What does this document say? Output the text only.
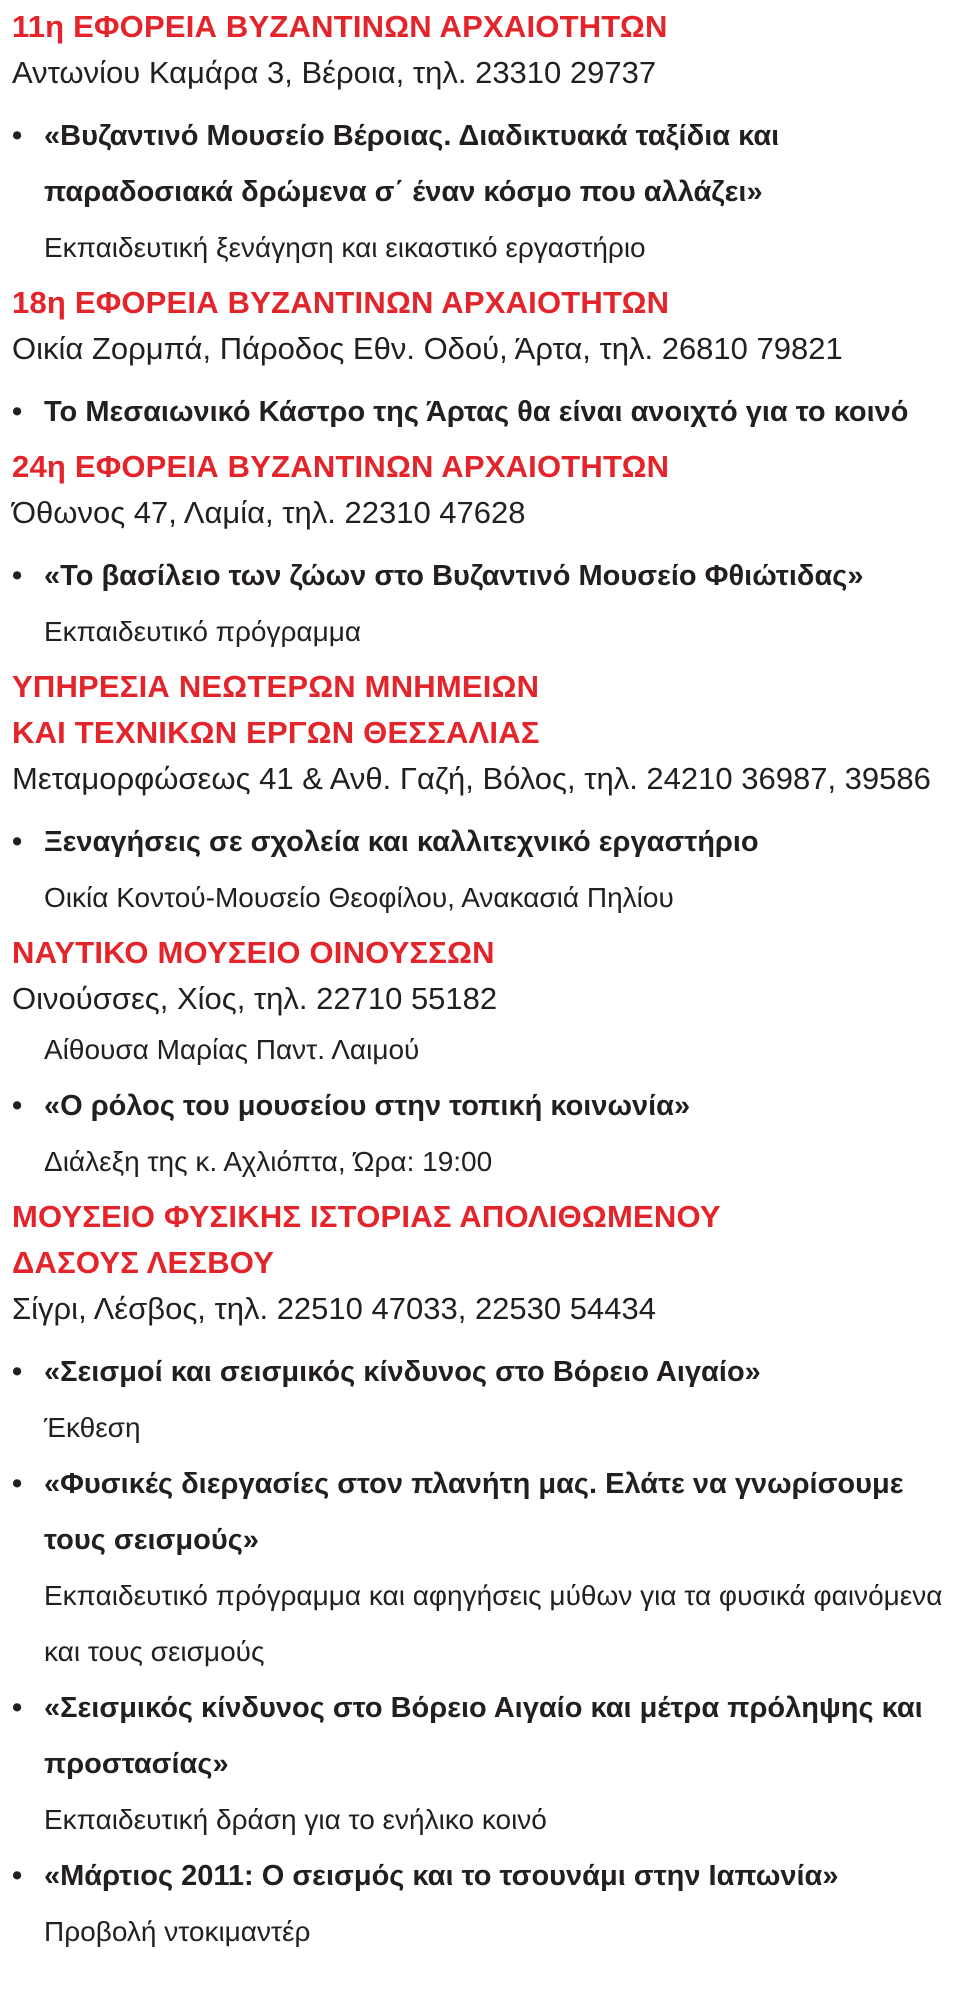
11η ΕΦΟΡΕΙΑ ΒΥΖΑΝΤΙΝΩΝ ΑΡΧΑΙΟΤΗΤΩΝ

Αντωνίου Καμάρα 3, Βέροια, τηλ. 23310 29737

• «Βυζαντινό Μουσείο Βέροιας. Διαδικτυακά ταξίδια και παραδοσιακά δρώμενα σ΄ έναν κόσμο που αλλάζει»

Εκπαιδευτική ξενάγηση και εικαστικό εργαστήριο

18η ΕΦΟΡΕΙΑ ΒΥΖΑΝΤΙΝΩΝ ΑΡΧΑΙΟΤΗΤΩΝ

Οικία Ζορμπά, Πάροδος Εθν. Οδού, Άρτα, τηλ. 26810 79821

• Το Μεσαιωνικό Κάστρο της Άρτας θα είναι ανοιχτό για το κοινό

24η ΕΦΟΡΕΙΑ ΒΥΖΑΝΤΙΝΩΝ ΑΡΧΑΙΟΤΗΤΩΝ

Όθωνος 47, Λαμία, τηλ. 22310 47628

• «Το βασίλειο των ζώων στο Βυζαντινό Μουσείο Φθιώτιδας»

Εκπαιδευτικό πρόγραμμα

ΥΠΗΡΕΣΙΑ ΝΕΩΤΕΡΩΝ ΜΝΗΜΕΙΩΝ

ΚΑΙ ΤΕΧΝΙΚΩΝ ΕΡΓΩΝ ΘΕΣΣΑΛΙΑΣ

Μεταμορφώσεως 41 & Ανθ. Γαζή, Βόλος, τηλ. 24210 36987, 39586

• Ξεναγήσεις σε σχολεία και καλλιτεχνικό εργαστήριο

Οικία Κοντού-Μουσείο Θεοφίλου, Ανακασιά Πηλίου

ΝΑΥΤΙΚΟ ΜΟΥΣΕΙΟ ΟΙΝΟΥΣΣΩΝ

Οινούσσες, Χίος, τηλ. 22710 55182

Αίθουσα Μαρίας Παντ. Λαιμού

• «Ο ρόλος του μουσείου στην τοπική κοινωνία»

Διάλεξη της κ. Αχλιόπτα, Ώρα: 19:00

ΜΟΥΣΕΙΟ ΦΥΣΙΚΗΣ ΙΣΤΟΡΙΑΣ ΑΠΟΛΙΘΩΜΕΝΟΥ

ΔΑΣΟΥΣ ΛΕΣΒΟΥ

Σίγρι, Λέσβος, τηλ. 22510 47033, 22530 54434

• «Σεισμοί και σεισμικός κίνδυνος στο Βόρειο Αιγαίο»

Έκθεση

• «Φυσικές διεργασίες στον πλανήτη μας. Ελάτε να γνωρίσουμε τους σεισμούς»

Εκπαιδευτικό πρόγραμμα και αφηγήσεις μύθων για τα φυσικά φαινόμενα και τους σεισμούς

• «Σεισμικός κίνδυνος στο Βόρειο Αιγαίο και μέτρα πρόληψης και προστασίας»

Εκπαιδευτική δράση για το ενήλικο κοινό

• «Μάρτιος 2011: Ο σεισμός και το τσουνάμι στην Ιαπωνία»

Προβολή ντοκιμαντέρ
